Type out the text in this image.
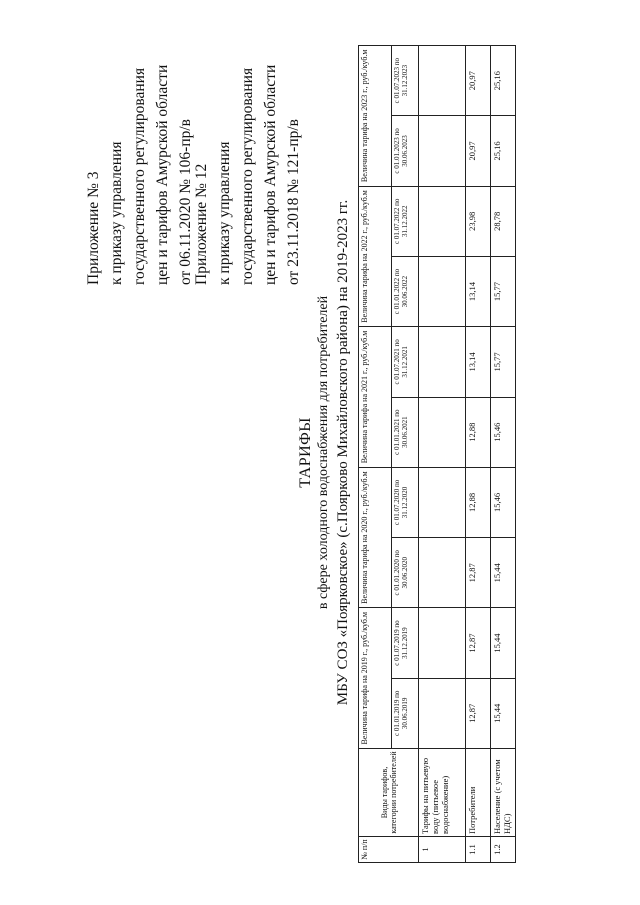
Приложение № 3 к приказу управления государственного регулирования цен и тарифов Амурской области от 06.11.2020 № 106-пр/в Приложение № 12 к приказу управления государственного регулирования цен и тарифов Амурской области от 23.11.2018 № 121-пр/в
ТАРИФЫ в сфере холодного водоснабжения для потребителей МБУ СОЗ «Поярковское» (с.Поярково Михайловского района) на 2019-2023 гг.
№ п/п	Виды тарифов, категории потребителей	Величина тарифа на 2019 г., руб./куб.м		Величина тарифа на 2020 г., руб./куб.м		Величина тарифа на 2021 г., руб./куб.м		Величина тарифа на 2022 г., руб./куб.м		Величина тарифа на 2023 г., руб./куб.м	
		с 01.01.2019 по 30.06.2019	с 01.07.2019 по 31.12.2019	с 01.01.2020 по 30.06.2020	с 01.07.2020 по 31.12.2020	с 01.01.2021 по 30.06.2021	с 01.07.2021 по 31.12.2021	с 01.01.2022 по 30.06.2022	с 01.07.2022 по 31.12.2022	с 01.01.2023 по 30.06.2023	с 01.07.2023 по 31.12.2023
1	Тарифы на питьевую воду (питьевое водоснабжение)										
1.1	Потребители	12,87	12,87	12,87	12,88	12,88	13,14	13,14	23,98	20,97	20,97
1.2	Население (с учетом НДС)	15,44	15,44	15,44	15,46	15,46	15,77	15,77	28,78	25,16	25,16
